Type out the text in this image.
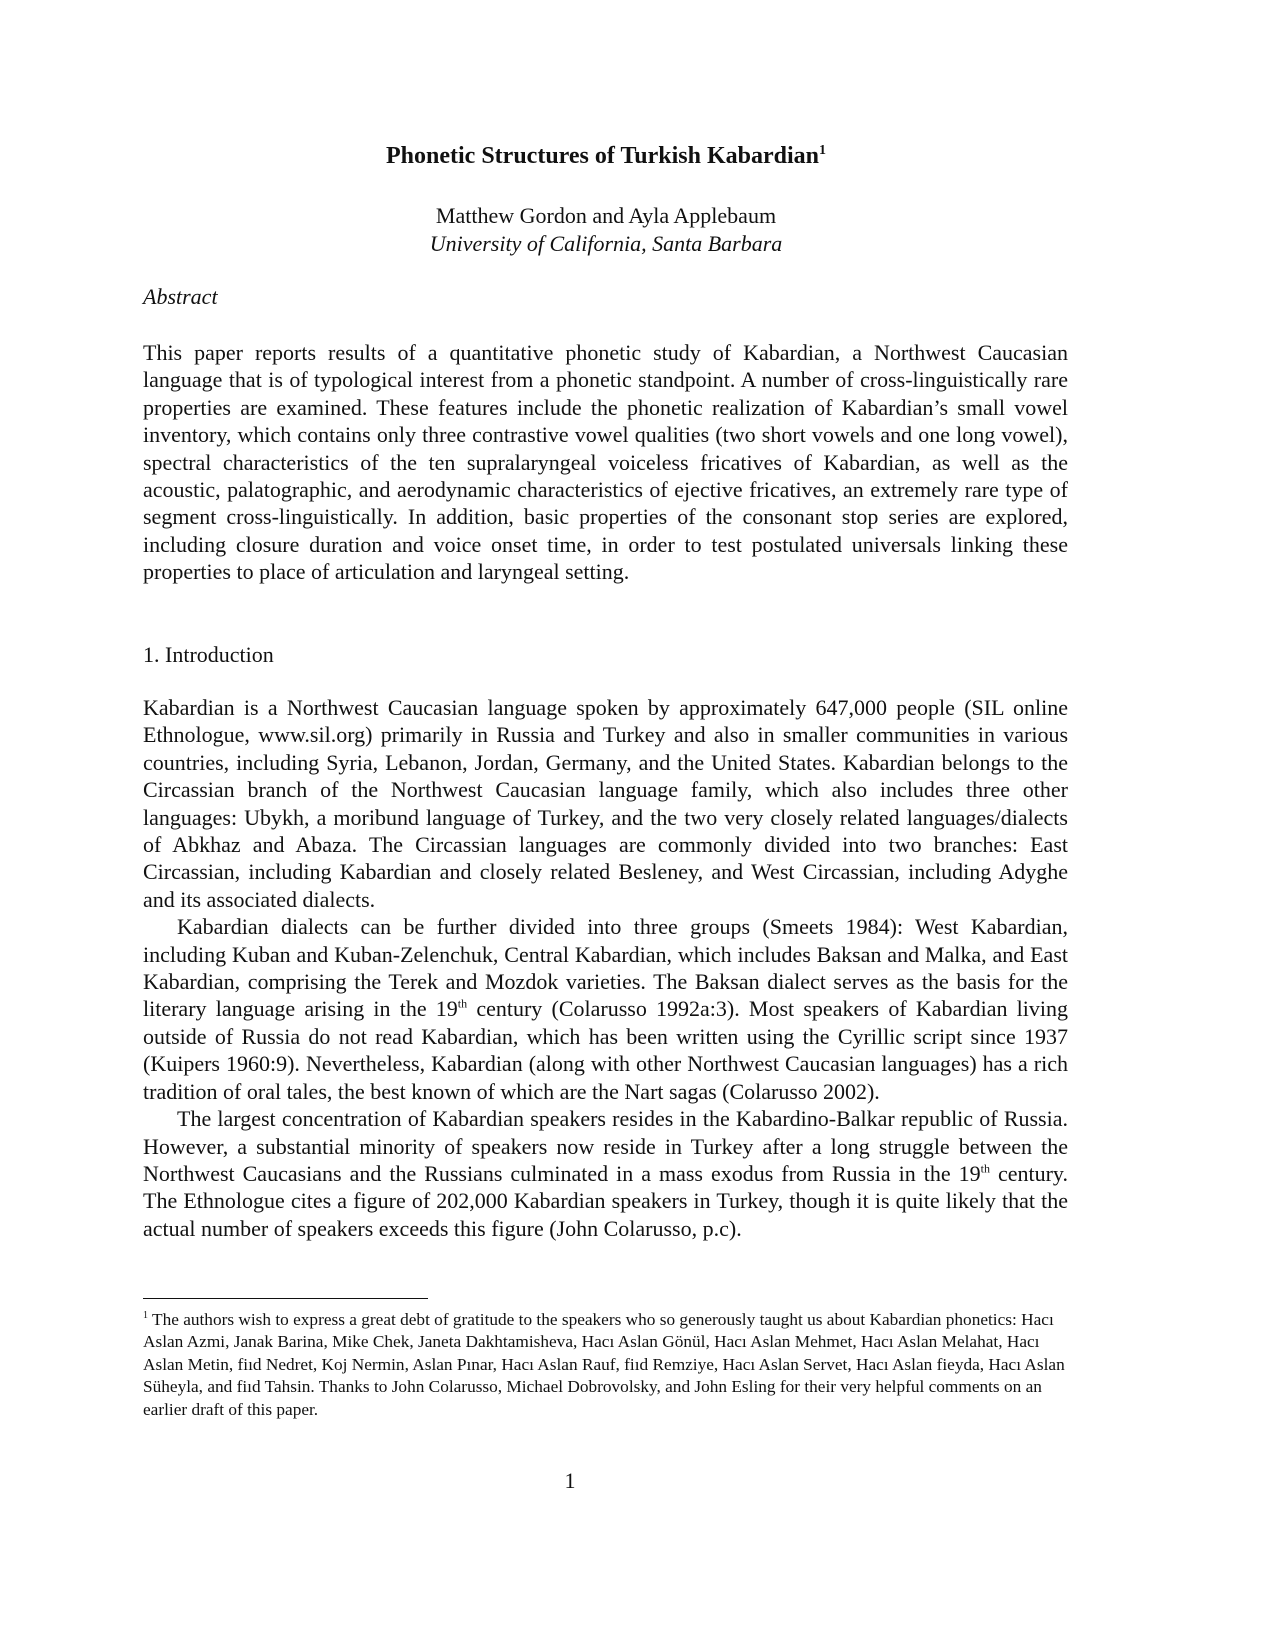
Phonetic Structures of Turkish Kabardian$^1$
Matthew Gordon and Ayla Applebaum
University of California, Santa Barbara
Abstract

This paper reports results of a quantitative phonetic study of Kabardian, a Northwest Caucasian language that is of typological interest from a phonetic standpoint. A number of cross-linguistically rare properties are examined. These features include the phonetic realization of Kabardian’s small vowel inventory, which contains only three contrastive vowel qualities (two short vowels and one long vowel), spectral characteristics of the ten supralaryngeal voiceless fricatives of Kabardian, as well as the acoustic, palatographic, and aerodynamic characteristics of ejective fricatives, an extremely rare type of segment cross-linguistically. In addition, basic properties of the consonant stop series are explored, including closure duration and voice onset time, in order to test postulated universals linking these properties to place of articulation and laryngeal setting.

1. Introduction

Kabardian is a Northwest Caucasian language spoken by approximately 647,000 people (SIL online Ethnologue, www.sil.org) primarily in Russia and Turkey and also in smaller communities in various countries, including Syria, Lebanon, Jordan, Germany, and the United States. Kabardian belongs to the Circassian branch of the Northwest Caucasian language family, which also includes three other languages: Ubykh, a moribund language of Turkey, and the two very closely related languages/dialects of Abkhaz and Abaza. The Circassian languages are commonly divided into two branches: East Circassian, including Kabardian and closely related Besleney, and West Circassian, including Adyghe and its associated dialects.

Kabardian dialects can be further divided into three groups (Smeets 1984): West Kabardian, including Kuban and Kuban-Zelenchuk, Central Kabardian, which includes Baksan and Malka, and East Kabardian, comprising the Terek and Mozdok varieties. The Baksan dialect serves as the basis for the literary language arising in the 19th century (Colarusso 1992a:3). Most speakers of Kabardian living outside of Russia do not read Kabardian, which has been written using the Cyrillic script since 1937 (Kuipers 1960:9). Nevertheless, Kabardian (along with other Northwest Caucasian languages) has a rich tradition of oral tales, the best known of which are the Nart sagas (Colarusso 2002).

The largest concentration of Kabardian speakers resides in the Kabardino-Balkar republic of Russia. However, a substantial minority of speakers now reside in Turkey after a long struggle between the Northwest Caucasians and the Russians culminated in a mass exodus from Russia in the 19th century. The Ethnologue cites a figure of 202,000 Kabardian speakers in Turkey, though it is quite likely that the actual number of speakers exceeds this figure (John Colarusso, p.c).

$^1$ The authors wish to express a great debt of gratitude to the speakers who so generously taught us about Kabardian phonetics: Hacı Aslan Azmi, Janak Barina, Mike Chek, Janeta Dakhtamisheva, Hacı Aslan Gönül, Hacı Aslan Mehmet, Hacı Aslan Melahat, Hacı Aslan Metin, fiıd Nedret, Koj Nermin, Aslan Pınar, Hacı Aslan Rauf, fiıd Remziye, Hacı Aslan Servet, Hacı Aslan fieyda, Hacı Aslan Süheyla, and fiıd Tahsin. Thanks to John Colarusso, Michael Dobrovolsky, and John Esling for their very helpful comments on an earlier draft of this paper.
1
